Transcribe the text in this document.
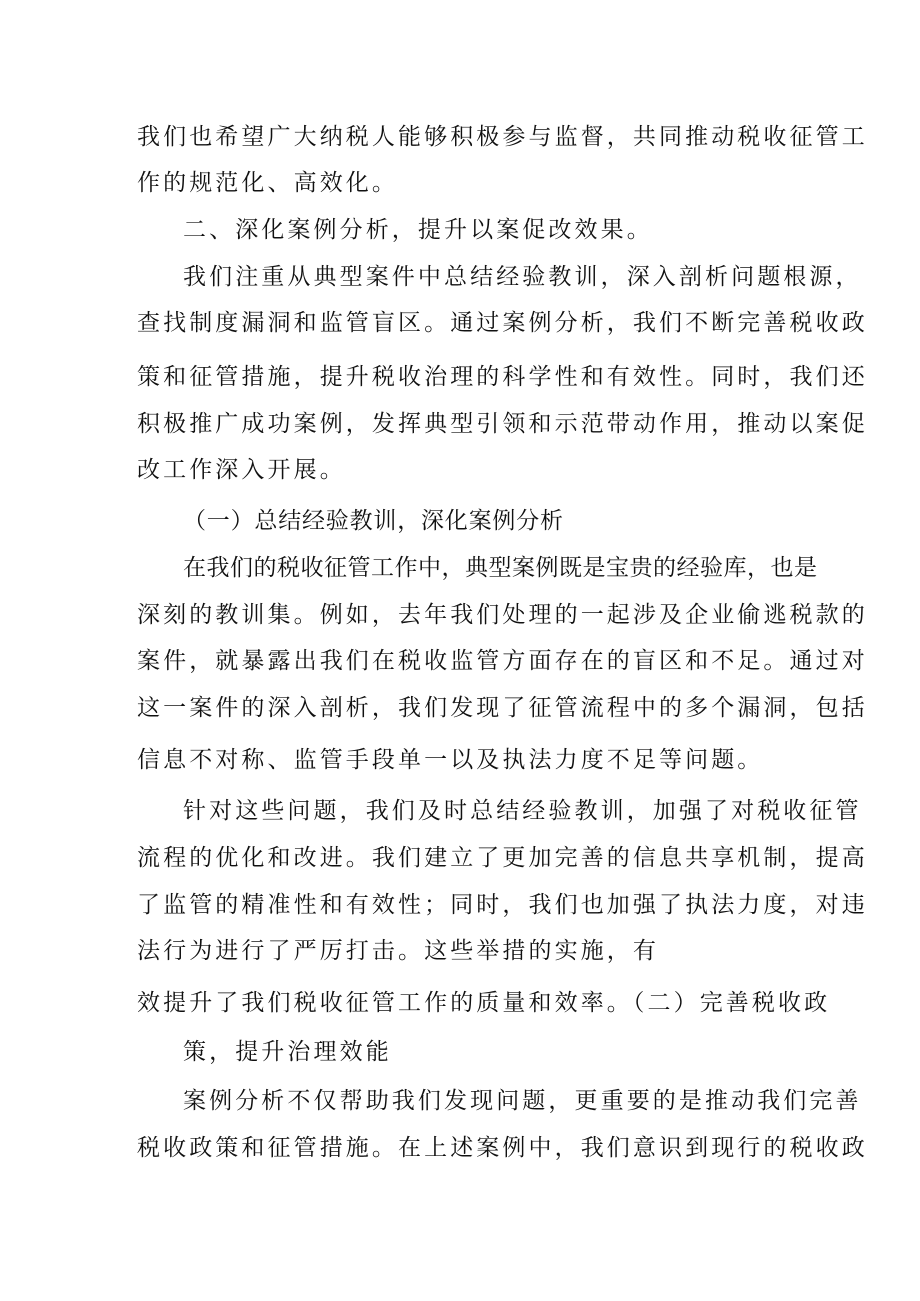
我们也希望广大纳税人能够积极参与监督，共同推动税收征管工
作的规范化、高效化。
二、深化案例分析，提升以案促改效果。
我们注重从典型案件中总结经验教训，深入剖析问题根源，
查找制度漏洞和监管盲区。通过案例分析，我们不断完善税收政
策和征管措施，提升税收治理的科学性和有效性。同时，我们还
积极推广成功案例，发挥典型引领和示范带动作用，推动以案促
改工作深入开展。
（一）总结经验教训，深化案例分析
在我们的税收征管工作中，典型案例既是宝贵的经验库，也是
深刻的教训集。例如，去年我们处理的一起涉及企业偷逃税款的
案件，就暴露出我们在税收监管方面存在的盲区和不足。通过对
这一案件的深入剖析，我们发现了征管流程中的多个漏洞，包括
信息不对称、监管手段单一以及执法力度不足等问题。
针对这些问题，我们及时总结经验教训，加强了对税收征管
流程的优化和改进。我们建立了更加完善的信息共享机制，提高
了监管的精准性和有效性；同时，我们也加强了执法力度，对违
法行为进行了严厉打击。这些举措的实施，有
效提升了我们税收征管工作的质量和效率。（二）完善税收政
策，提升治理效能
案例分析不仅帮助我们发现问题，更重要的是推动我们完善
税收政策和征管措施。在上述案例中，我们意识到现行的税收政
